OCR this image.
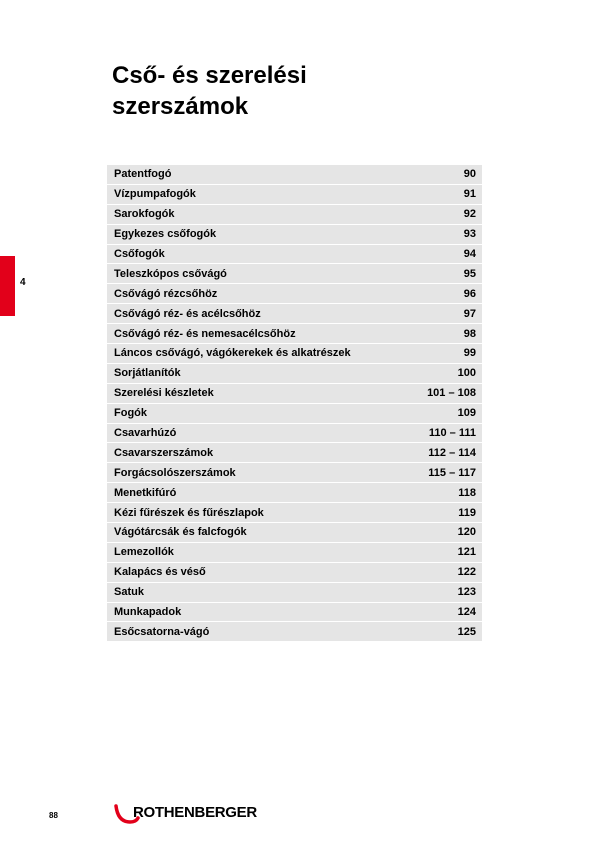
Cső- és szerelési
szerszámok
4
Patentfogó	90
Vízpumpafogók	91
Sarokfogók	92
Egykezes csőfogók	93
Csőfogók	94
Teleszkópos csővágó	95
Csővágó rézcsőhöz	96
Csővágó réz- és acélcsőhöz	97
Csővágó réz- és nemesacélcsőhöz	98
Láncos csővágó, vágókerekek és alkatrészek	99
Sorjátlanítók	100
Szerelési készletek	101 – 108
Fogók	109
Csavarhúzó	110 – 111
Csavarszerszámok	112 – 114
Forgácsolószerszámok	115 – 117
Menetkifúró	118
Kézi fűrészek és fűrészlapok	119
Vágótárcsák és falcfogók	120
Lemezollók	121
Kalapács és véső	122
Satuk	123
Munkapadok	124
Esőcsatorna-vágó	125
ROTHENBERGER
88
